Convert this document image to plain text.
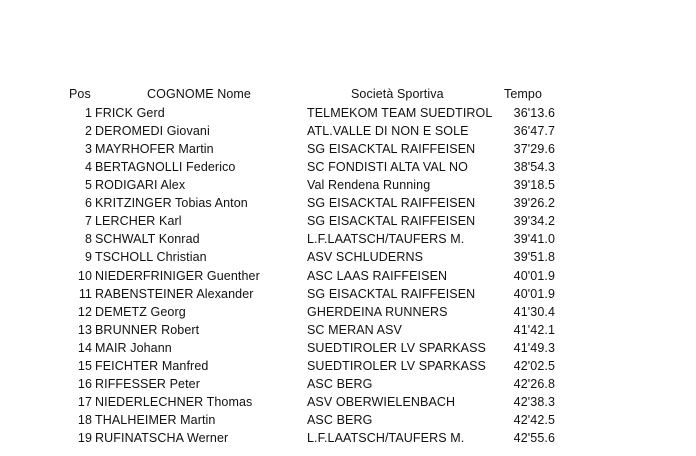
Pos	COGNOME Nome	Società Sportiva	Tempo
1 FRICK Gerd	TELMEKOM TEAM SUEDTIROL	36'13.6
2 DEROMEDI Giovani	ATL.VALLE DI NON E SOLE	36'47.7
3 MAYRHOFER Martin	SG EISACKTAL RAIFFEISEN	37'29.6
4 BERTAGNOLLI Federico	SC FONDISTI ALTA VAL NO	38'54.3
5 RODIGARI Alex	Val Rendena Running	39'18.5
6 KRITZINGER Tobias Anton	SG EISACKTAL RAIFFEISEN	39'26.2
7 LERCHER Karl	SG EISACKTAL RAIFFEISEN	39'34.2
8 SCHWALT Konrad	L.F.LAATSCH/TAUFERS M.	39'41.0
9 TSCHOLL Christian	ASV SCHLUDERNS	39'51.8
10 NIEDERFRINIGER Guenther	ASC LAAS RAIFFEISEN	40'01.9
11 RABENSTEINER Alexander	SG EISACKTAL RAIFFEISEN	40'01.9
12 DEMETZ Georg	GHERDEINA RUNNERS	41'30.4
13 BRUNNER Robert	SC MERAN ASV	41'42.1
14 MAIR Johann	SUEDTIROLER LV SPARKASS	41'49.3
15 FEICHTER Manfred	SUEDTIROLER LV SPARKASS	42'02.5
16 RIFFESSER Peter	ASC BERG	42'26.8
17 NIEDERLECHNER Thomas	ASV OBERWIELENBACH	42'38.3
18 THALHEIMER Martin	ASC BERG	42'42.5
19 RUFINATSCHA Werner	L.F.LAATSCH/TAUFERS M.	42'55.6
